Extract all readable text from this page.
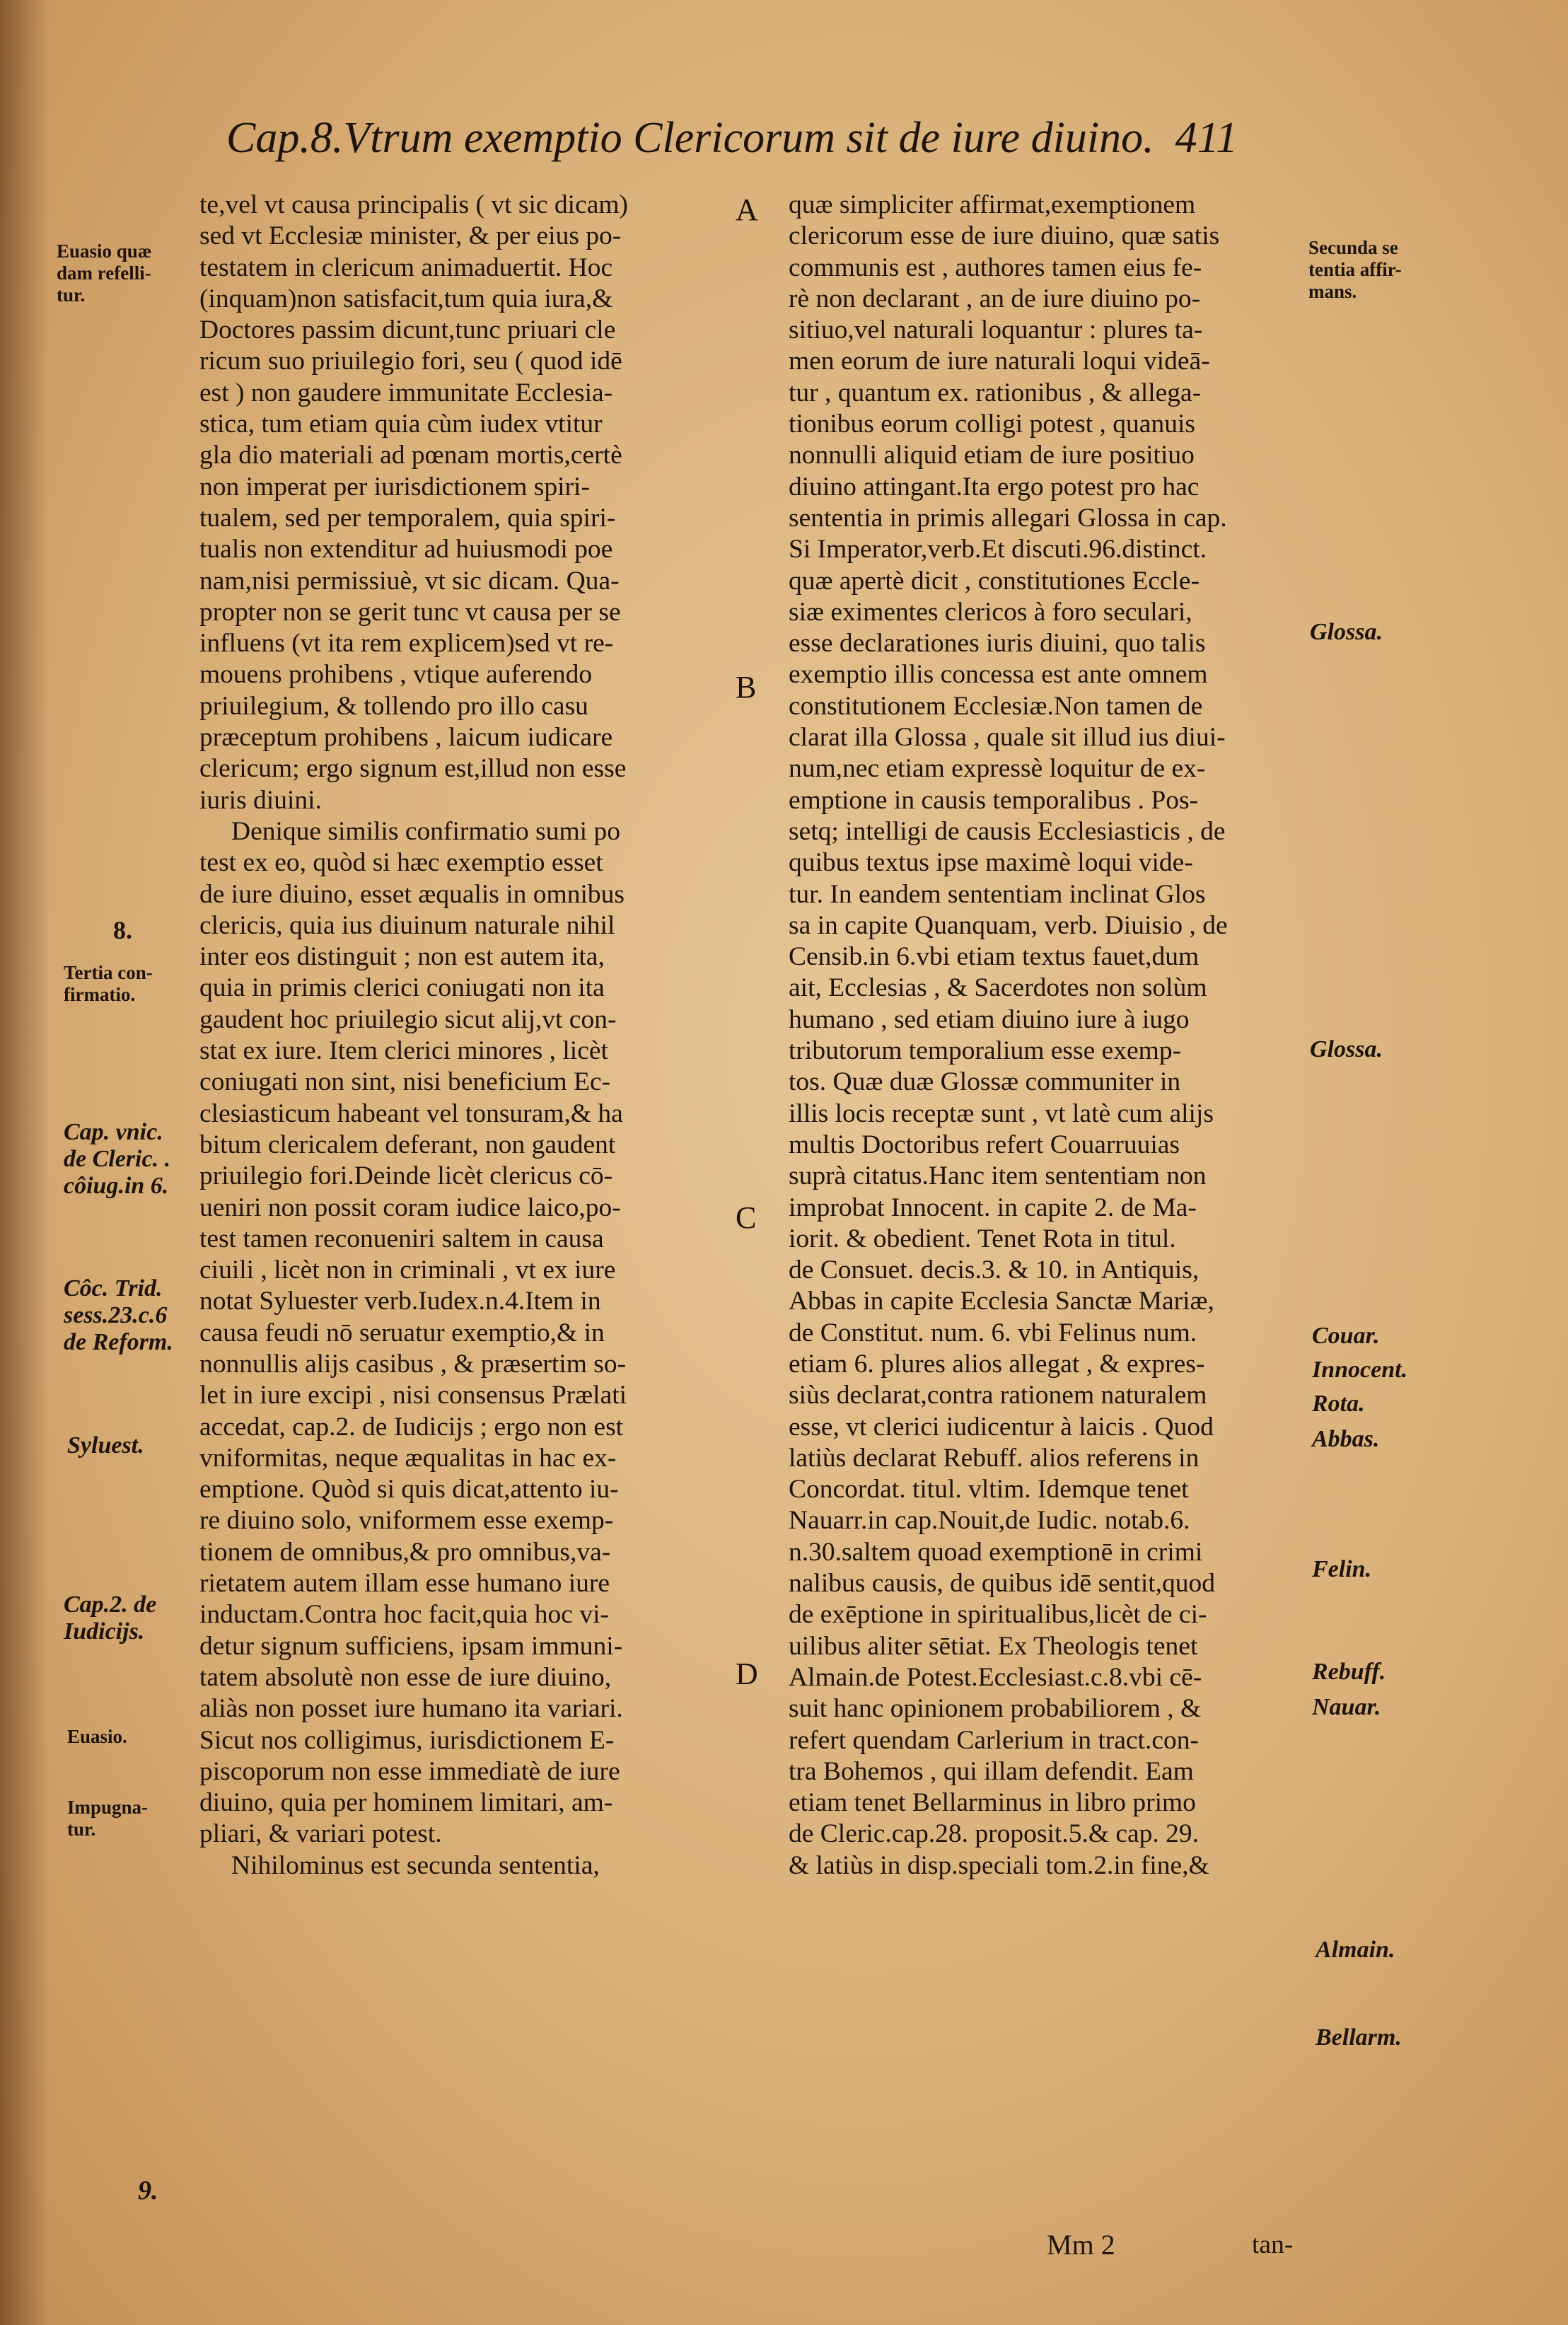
Cap.8.Vtrum exemptio Clericorum sit de iure diuino. 411
te,vel vt causa principalis ( vt sic dicam)
sed vt Ecclesiæ minister, & per eius po-
testatem in clericum animaduertit. Hoc
(inquam)non satisfacit,tum quia iura,&
Doctores passim dicunt,tunc priuari cle
ricum suo priuilegio fori, seu ( quod idē
est ) non gaudere immunitate Ecclesia-
stica, tum etiam quia cùm iudex vtitur
gla dio materiali ad pœnam mortis,certè
non imperat per iurisdictionem spiri-
tualem, sed per temporalem, quia spiri-
tualis non extenditur ad huiusmodi poe
nam,nisi permissiuè, vt sic dicam. Qua-
propter non se gerit tunc vt causa per se
influens (vt ita rem explicem)sed vt re-
mouens prohibens , vtique auferendo
priuilegium, & tollendo pro illo casu
præceptum prohibens , laicum iudicare
clericum; ergo signum est,illud non esse
iuris diuini.
Denique similis confirmatio sumi po
test ex eo, quòd si hæc exemptio esset
de iure diuino, esset æqualis in omnibus
clericis, quia ius diuinum naturale nihil
inter eos distinguit ; non est autem ita,
quia in primis clerici coniugati non ita
gaudent hoc priuilegio sicut alij,vt con-
stat ex iure. Item clerici minores , licèt
coniugati non sint, nisi beneficium Ec-
clesiasticum habeant vel tonsuram,& ha
bitum clericalem deferant, non gaudent
priuilegio fori.Deinde licèt clericus cō-
ueniri non possit coram iudice laico,po-
test tamen reconueniri saltem in causa
ciuili , licèt non in criminali , vt ex iure
notat Syluester verb.Iudex.n.4.Item in
causa feudi nō seruatur exemptio,& in
nonnullis alijs casibus , & præsertim so-
let in iure excipi , nisi consensus Prælati
accedat, cap.2. de Iudicijs ; ergo non est
vniformitas, neque æqualitas in hac ex-
emptione. Quòd si quis dicat,attento iu-
re diuino solo, vniformem esse exemp-
tionem de omnibus,& pro omnibus,va-
rietatem autem illam esse humano iure
inductam.Contra hoc facit,quia hoc vi-
detur signum sufficiens, ipsam immuni-
tatem absolutè non esse de iure diuino,
aliàs non posset iure humano ita variari.
Sicut nos colligimus, iurisdictionem E-
piscoporum non esse immediatè de iure
diuino, quia per hominem limitari, am-
pliari, & variari potest.
Nihilominus est secunda sententia,
quæ simpliciter affirmat,exemptionem
clericorum esse de iure diuino, quæ satis
communis est , authores tamen eius fe-
rè non declarant , an de iure diuino po-
sitiuo,vel naturali loquantur : plures ta-
men eorum de iure naturali loqui videā-
tur , quantum ex. rationibus , & allega-
tionibus eorum colligi potest , quanuis
nonnulli aliquid etiam de iure positiuo
diuino attingant.Ita ergo potest pro hac
sententia in primis allegari Glossa in cap.
Si Imperator,verb.Et discuti.96.distinct.
quæ apertè dicit , constitutiones Eccle-
siæ eximentes clericos à foro seculari,
esse declarationes iuris diuini, quo talis
exemptio illis concessa est ante omnem
constitutionem Ecclesiæ.Non tamen de
clarat illa Glossa , quale sit illud ius diui-
num,nec etiam expressè loquitur de ex-
emptione in causis temporalibus . Pos-
setq; intelligi de causis Ecclesiasticis , de
quibus textus ipse maximè loqui vide-
tur. In eandem sententiam inclinat Glos
sa in capite Quanquam, verb. Diuisio , de
Censib.in 6.vbi etiam textus fauet,dum
ait, Ecclesias , & Sacerdotes non solùm
humano , sed etiam diuino iure à iugo
tributorum temporalium esse exemp-
tos. Quæ duæ Glossæ communiter in
illis locis receptæ sunt , vt latè cum alijs
multis Doctoribus refert Couarruuias
suprà citatus.Hanc item sententiam non
improbat Innocent. in capite 2. de Ma-
iorit. & obedient. Tenet Rota in titul.
de Consuet. decis.3. & 10. in Antiquis,
Abbas in capite Ecclesia Sanctæ Mariæ,
de Constitut. num. 6. vbi Felinus num.
etiam 6. plures alios allegat , & expres-
siùs declarat,contra rationem naturalem
esse, vt clerici iudicentur à laicis . Quod
latiùs declarat Rebuff. alios referens in
Concordat. titul. vltim. Idemque tenet
Nauarr.in cap.Nouit,de Iudic. notab.6.
n.30.saltem quoad exemptionē in crimi
nalibus causis, de quibus idē sentit,quod
de exēptione in spiritualibus,licèt de ci-
uilibus aliter sētiat. Ex Theologis tenet
Almain.de Potest.Ecclesiast.c.8.vbi cē-
suit hanc opinionem probabiliorem , &
refert quendam Carlerium in tract.con-
tra Bohemos , qui illam defendit. Eam
etiam tenet Bellarminus in libro primo
de Cleric.cap.28. proposit.5.& cap. 29.
& latiùs in disp.speciali tom.2.in fine,&
A
B
C
D
Euasio quæ
dam refelli-
tur.
8.
Tertia con-
firmatio.
Cap. vnic.
de Cleric. .
côiug.in 6.
Côc. Trid.
sess.23.c.6
de Reform.
Syluest.
Cap.2. de
Iudicijs.
Euasio.
Impugna-
tur.
9.
Secunda se
tentia affir-
mans.
Glossa.
Glossa.
Couar.
Innocent.
Rota.
Abbas.
Felin.
Rebuff.
Nauar.
Almain.
Bellarm.
Mm 2	tan-
